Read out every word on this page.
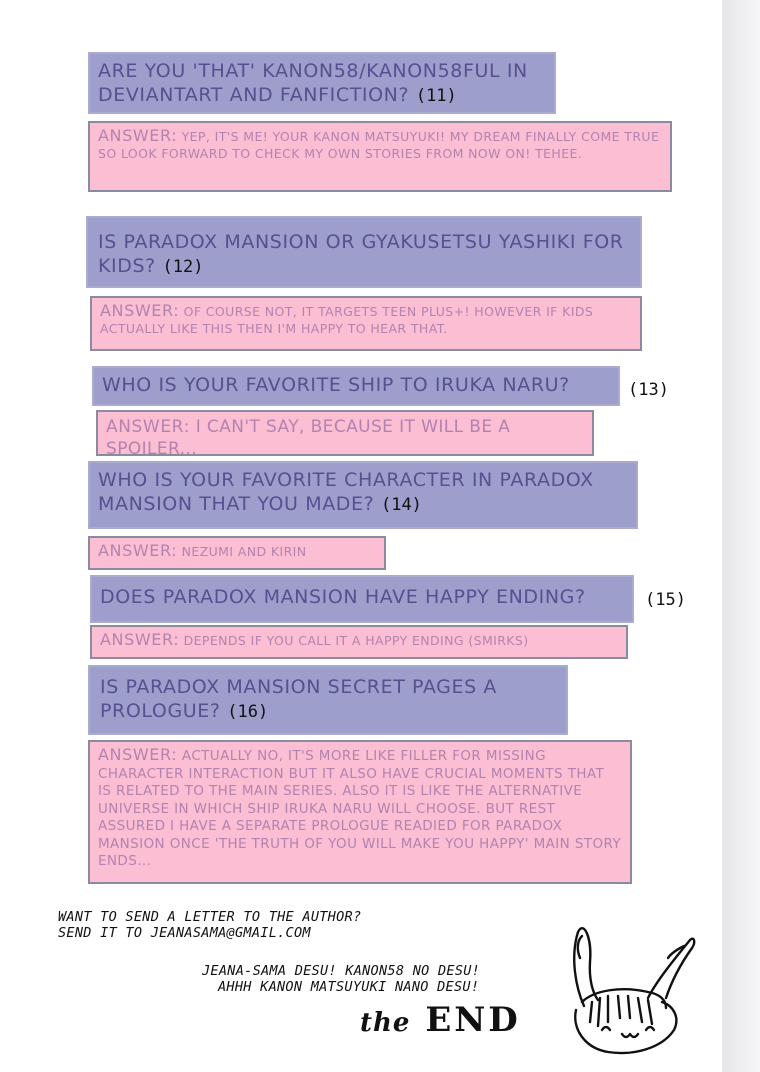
ARE YOU 'THAT' KANON58/KANON58FUL IN DEVIANTART AND FANFICTION? (11)
ANSWER: YEP, IT'S ME! YOUR KANON MATSUYUKI! MY DREAM FINALLY COME TRUE SO LOOK FORWARD TO CHECK MY OWN STORIES FROM NOW ON! TEHEE.
IS PARADOX MANSION OR GYAKUSETSU YASHIKI FOR KIDS? (12)
ANSWER: OF COURSE NOT, IT TARGETS TEEN PLUS+! HOWEVER IF KIDS ACTUALLY LIKE THIS THEN I'M HAPPY TO HEAR THAT.
WHO IS YOUR FAVORITE SHIP TO IRUKA NARU?	(13)
ANSWER: I CAN'T SAY, BECAUSE IT WILL BE A SPOILER...
WHO IS YOUR FAVORITE CHARACTER IN PARADOX MANSION THAT YOU MADE? (14)
ANSWER: NEZUMI AND KIRIN
DOES PARADOX MANSION HAVE HAPPY ENDING?	(15)
ANSWER: DEPENDS IF YOU CALL IT A HAPPY ENDING (SMIRKS)
IS PARADOX MANSION SECRET PAGES A PROLOGUE? (16)
ANSWER: ACTUALLY NO, IT'S MORE LIKE FILLER FOR MISSING CHARACTER INTERACTION BUT IT ALSO HAVE CRUCIAL MOMENTS THAT IS RELATED TO THE MAIN SERIES. ALSO IT IS LIKE THE ALTERNATIVE UNIVERSE IN WHICH SHIP IRUKA NARU WILL CHOOSE. BUT REST ASSURED I HAVE A SEPARATE PROLOGUE READIED FOR PARADOX MANSION ONCE 'THE TRUTH OF YOU WILL MAKE YOU HAPPY' MAIN STORY ENDS...
WANT TO SEND A LETTER TO THE AUTHOR?
SEND IT TO JEANASAMA@GMAIL.COM
JEANA-SAMA DESU! KANON58 NO DESU!
AHHH KANON MATSUYUKI NANO DESU!
the END
